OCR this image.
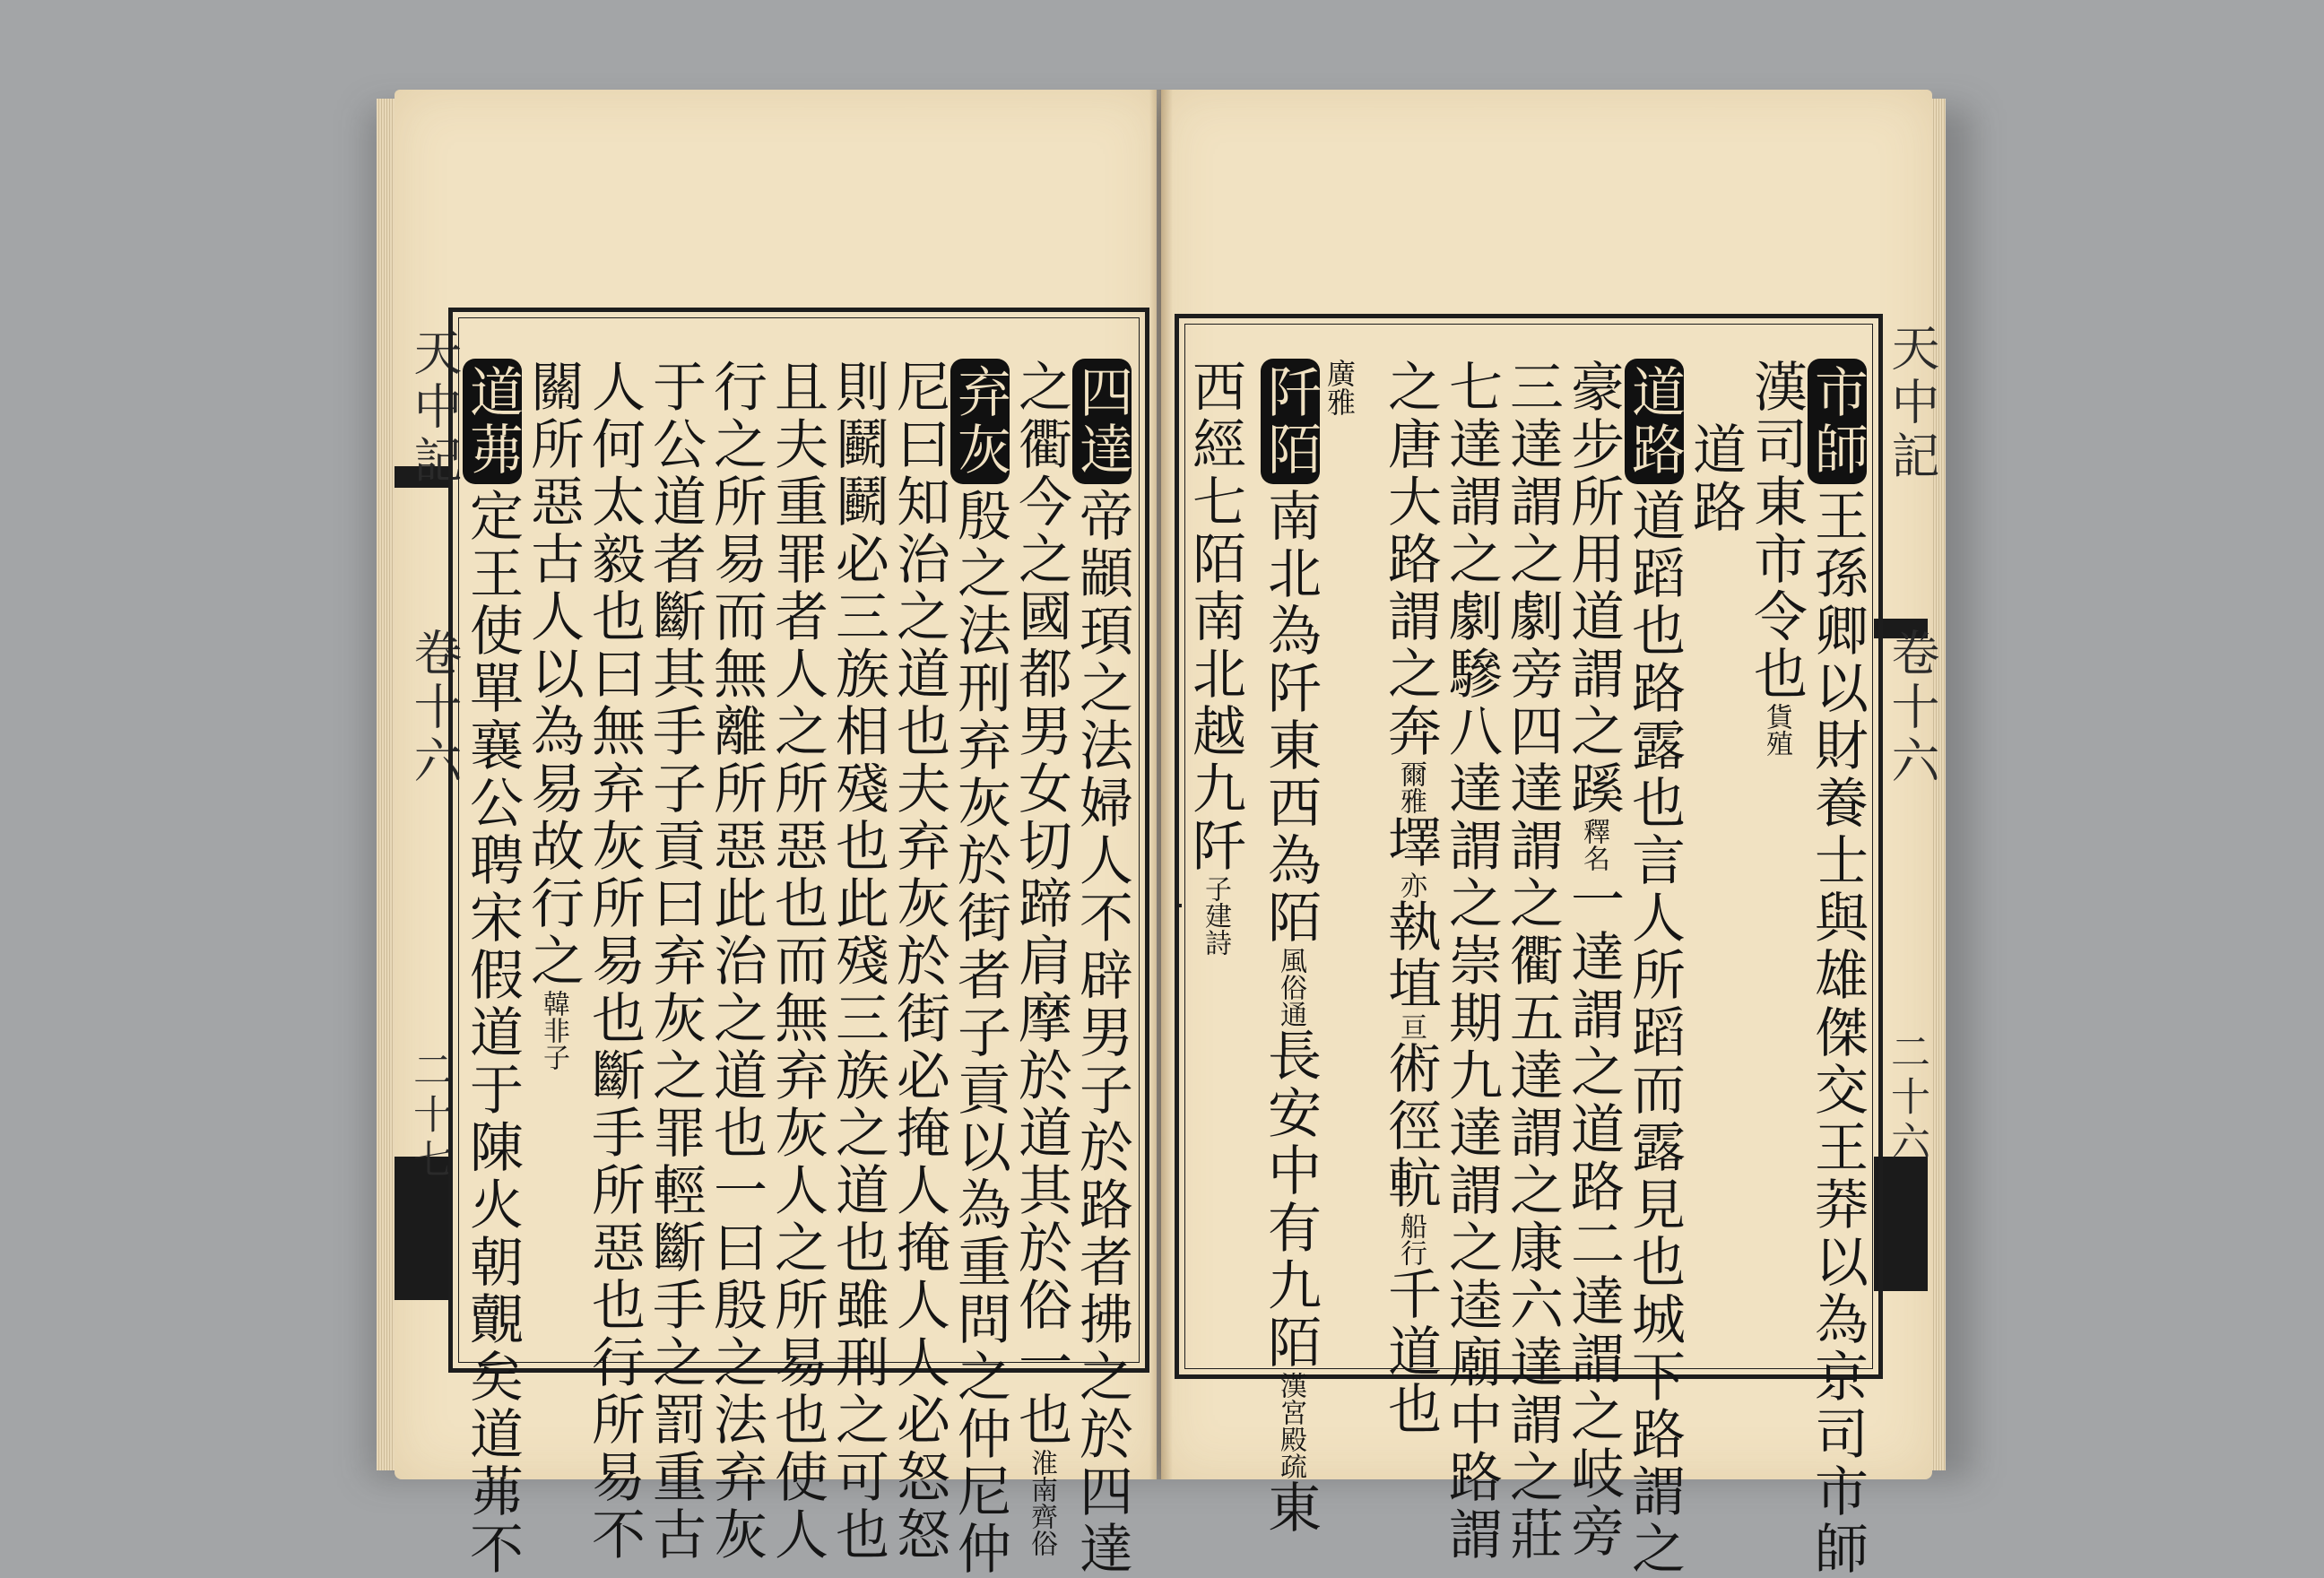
天中記
卷十六
二十七
天中記
卷十六
二十六
四達帝顓頊之法婦人不辟男子於路者拂之於四達
之衢今之國都男女切蹄肩摩於道其於俗一也淮南齊俗
弃灰殷之法刑弃灰於街者子貢以為重問之仲尼仲
尼曰知治之道也夫弃灰於街必掩人掩人人必怒怒
則鬬鬬必三族相殘也此殘三族之道也雖刑之可也
且夫重罪者人之所惡也而無弃灰人之所易也使人
行之所易而無離所惡此治之道也一曰殷之法弃灰
于公道者斷其手子貢曰弃灰之罪輕斷手之罰重古
人何太毅也曰無弃灰所易也斷手所惡也行所易不
關所惡古人以為易故行之韓非子
道茀定王使單襄公聘宋假道于陳火朝覿矣道茀不
市師王孫卿以財養士與雄傑交王莽以為京司市師
漢司東市令也貨殖
道路
道路道蹈也路露也言人所蹈而露見也城下路謂之
豪步所用道謂之蹊釋名一達謂之道路二達謂之岐旁
三達謂之劇旁四達謂之衢五達謂之康六達謂之莊
七達謂之劇驂八達謂之崇期九達謂之逵廟中路謂
之唐大路謂之奔爾雅墿亦執埴亘術徑䡉船行千道也
廣雅
阡陌南北為阡東西為陌風俗通長安中有九陌漢宮殿疏東
西經七陌南北越九阡子建詩
